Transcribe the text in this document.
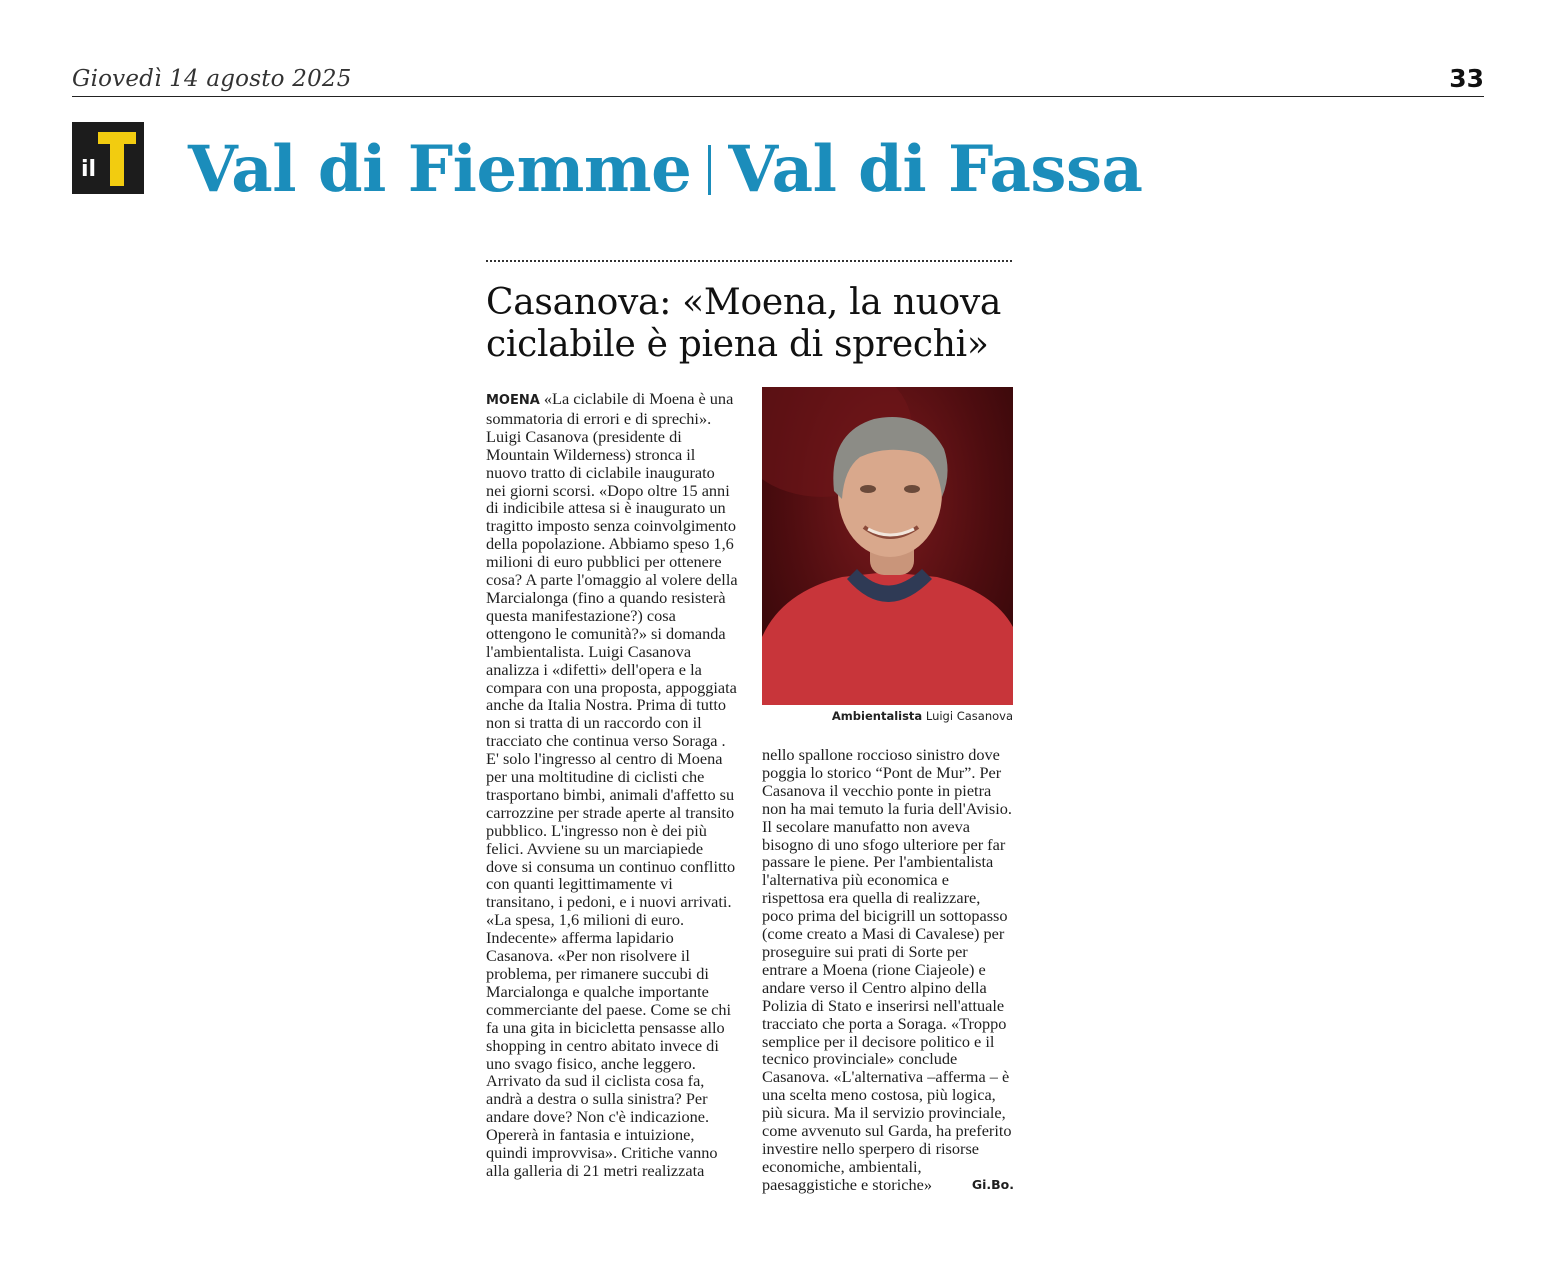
Giovedì 14 agosto 2025	33
il Val di Fiemme Val di Fassa
Casanova: «Moena, la nuova ciclabile è piena di sprechi»

MOENA «La ciclabile di Moena è una sommatoria di errori e di sprechi». Luigi Casanova (presidente di Mountain Wilderness) stronca il nuovo tratto di ciclabile inaugurato nei giorni scorsi. «Dopo oltre 15 anni di indicibile attesa si è inaugurato un tragitto imposto senza coinvolgimento della popolazione. Abbiamo speso 1,6 milioni di euro pubblici per ottenere cosa? A parte l'omaggio al volere della Marcialonga (fino a quando resisterà questa manifestazione?) cosa ottengono le comunità?» si domanda l'ambientalista. Luigi Casanova analizza i «difetti» dell'opera e la compara con una proposta, appoggiata anche da Italia Nostra. Prima di tutto non si tratta di un raccordo con il tracciato che continua verso Soraga . E' solo l'ingresso al centro di Moena per una moltitudine di ciclisti che trasportano bimbi, animali d'affetto su carrozzine per strade aperte al transito pubblico. L'ingresso non è dei più felici. Avviene su un marciapiede dove si consuma un continuo conflitto con quanti legittimamente vi transitano, i pedoni, e i nuovi arrivati. «La spesa, 1,6 milioni di euro. Indecente» afferma lapidario Casanova. «Per non risolvere il problema, per rimanere succubi di Marcialonga e qualche importante commerciante del paese. Come se chi fa una gita in bicicletta pensasse allo shopping in centro abitato invece di uno svago fisico, anche leggero. Arrivato da sud il ciclista cosa fa, andrà a destra o sulla sinistra? Per andare dove? Non c'è indicazione. Opererà in fantasia e intuizione, quindi improvvisa». Critiche vanno alla galleria di 21 metri realizzata

Ambientalista Luigi Casanova

nello spallone roccioso sinistro dove poggia lo storico “Pont de Mur”. Per Casanova il vecchio ponte in pietra non ha mai temuto la furia dell'Avisio. Il secolare manufatto non aveva bisogno di uno sfogo ulteriore per far passare le piene. Per l'ambientalista l'alternativa più economica e rispettosa era quella di realizzare, poco prima del bicigrill un sottopasso (come creato a Masi di Cavalese) per proseguire sui prati di Sorte per entrare a Moena (rione Ciajeole) e andare verso il Centro alpino della Polizia di Stato e inserirsi nell'attuale tracciato che porta a Soraga. «Troppo semplice per il decisore politico e il tecnico provinciale» conclude Casanova. «L'alternativa –afferma – è una scelta meno costosa, più logica, più sicura. Ma il servizio provinciale, come avvenuto sul Garda, ha preferito investire nello sperpero di risorse economiche, ambientali, paesaggistiche e storiche»	Gi.Bo.
